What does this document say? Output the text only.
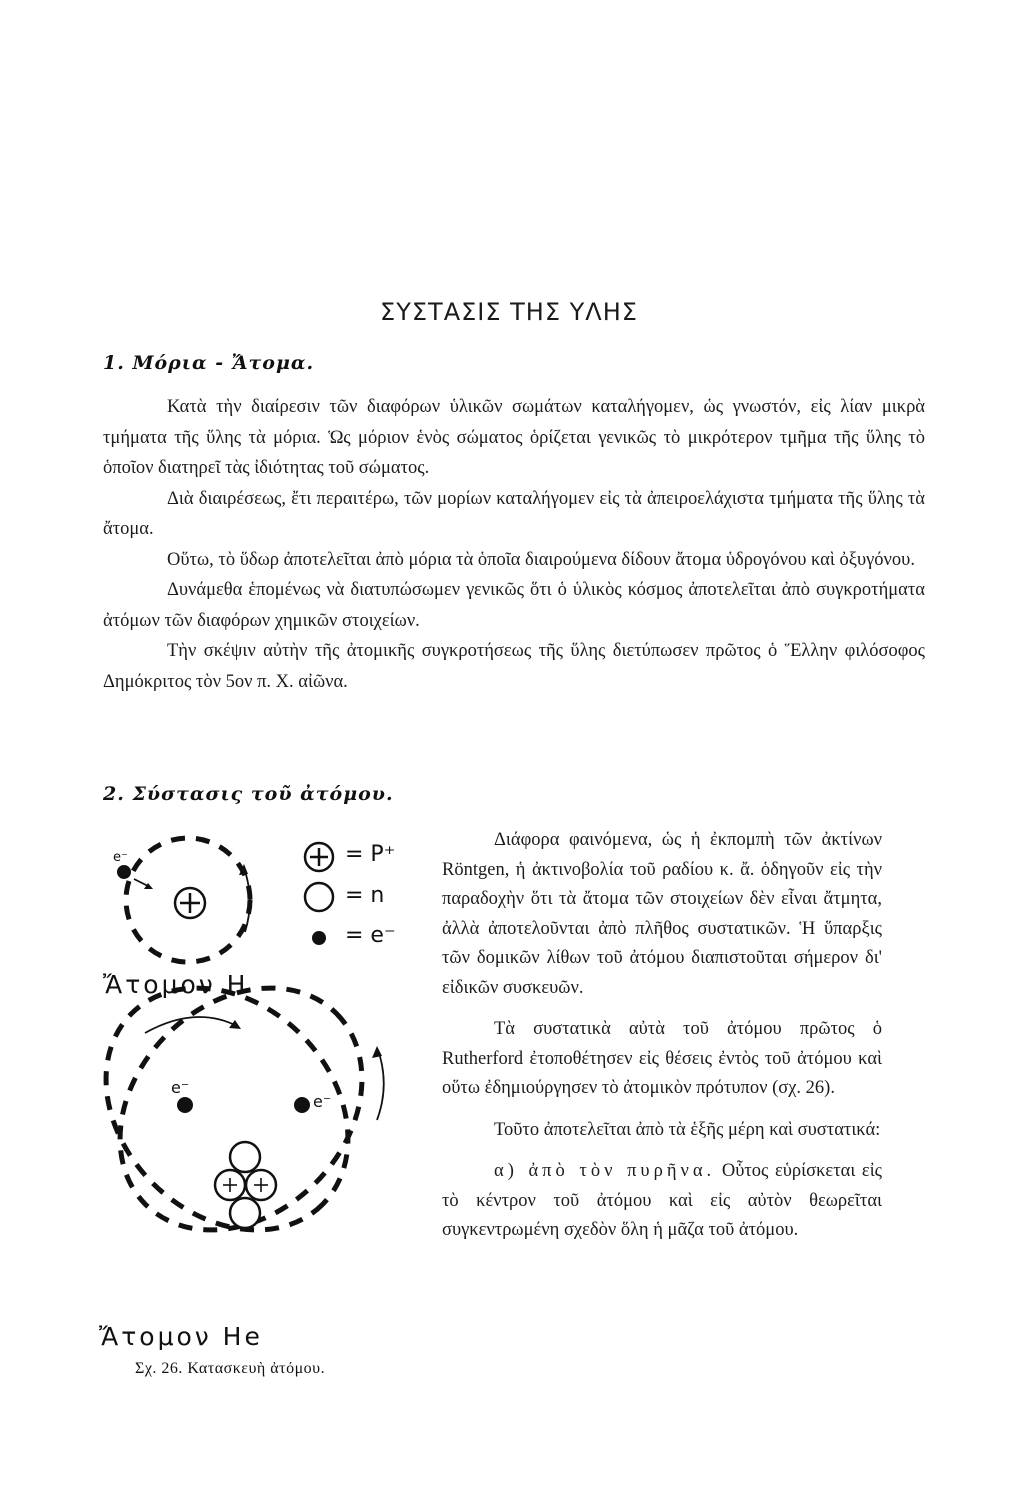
ΣΥΣΤΑΣΙΣ ΤΗΣ ΥΛΗΣ
1. Μόρια - Ἄτομα.

Κατὰ τὴν διαίρεσιν τῶν διαφόρων ὑλικῶν σωμάτων καταλήγομεν, ὡς γνωστόν, εἰς λίαν μικρὰ τμήματα τῆς ὕλης τὰ μόρια. Ὡς μόριον ἑνὸς σώματος ὁρίζεται γενικῶς τὸ μικρότερον τμῆμα τῆς ὕλης τὸ ὁποῖον διατηρεῖ τὰς ἰδιότητας τοῦ σώματος.

Διὰ διαιρέσεως, ἔτι περαιτέρω, τῶν μορίων καταλήγομεν εἰς τὰ ἀπειροελάχιστα τμήματα τῆς ὕλης τὰ ἄτομα.

Οὕτω, τὸ ὕδωρ ἀποτελεῖται ἀπὸ μόρια τὰ ὁποῖα διαιρούμενα δίδουν ἄτομα ὑδρογόνου καὶ ὀξυγόνου.

Δυνάμεθα ἑπομένως νὰ διατυπώσωμεν γενικῶς ὅτι ὁ ὑλικὸς κόσμος ἀποτελεῖται ἀπὸ συγκροτήματα ἀτόμων τῶν διαφόρων χημικῶν στοιχείων.

Τὴν σκέψιν αὐτὴν τῆς ἀτομικῆς συγκροτήσεως τῆς ὕλης διετύπωσεν πρῶτος ὁ Ἕλλην φιλόσοφος Δημόκριτος τὸν 5ον π. Χ. αἰῶνα.

2. Σύστασις τοῦ ἀτόμου.
= P⁺
= n
= e⁻
e⁻
e⁻
e⁻
Ἄτομον Η
Ἄτομον He
Σχ. 26. Κατασκευὴ ἀτόμου.

Διάφορα φαινόμενα, ὡς ἡ ἐκπομπὴ τῶν ἀκτίνων Röntgen, ἡ ἀκτινοβολία τοῦ ραδίου κ. ἄ. ὁδηγοῦν εἰς τὴν παραδοχὴν ὅτι τὰ ἄτομα τῶν στοιχείων δὲν εἶναι ἄτμητα, ἀλλὰ ἀποτελοῦνται ἀπὸ πλῆθος συστατικῶν. Ἡ ὕπαρξις τῶν δομικῶν λίθων τοῦ ἀτόμου διαπιστοῦται σήμερον δι' εἰδικῶν συσκευῶν.

Τὰ συστατικὰ αὐτὰ τοῦ ἀτόμου πρῶτος ὁ Rutherford ἐτοποθέτησεν εἰς θέσεις ἐντὸς τοῦ ἀτόμου καὶ οὕτω ἐδημιούργησεν τὸ ἀτομικὸν πρότυπον (σχ. 26).

Τοῦτο ἀποτελεῖται ἀπὸ τὰ ἑξῆς μέρη καὶ συστατικά:

α) ἀπὸ τὸν πυρῆνα. Οὗτος εὑρίσκεται εἰς τὸ κέντρον τοῦ ἀτόμου καὶ εἰς αὐτὸν θεωρεῖται συγκεντρωμένη σχεδὸν ὅλη ἡ μᾶζα τοῦ ἀτόμου.
